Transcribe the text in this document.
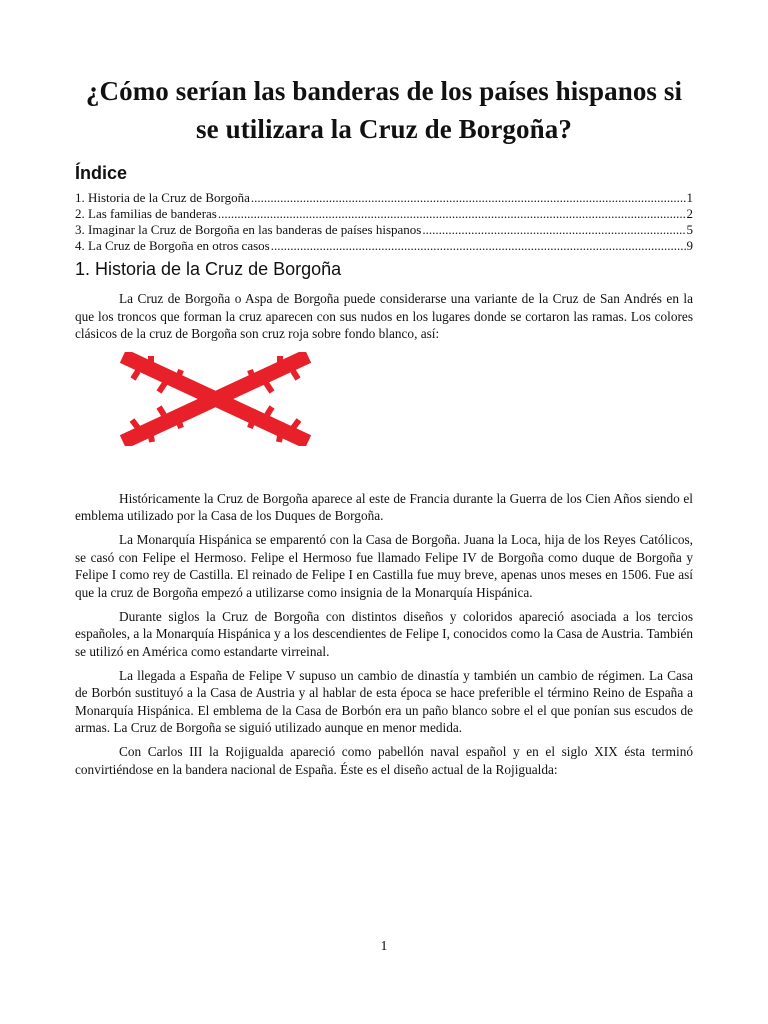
¿Cómo serían las banderas de los países hispanos si se utilizara la Cruz de Borgoña?
Índice
1. Historia de la Cruz de Borgoña .....	1
2. Las familias de banderas .....	2
3. Imaginar la Cruz de Borgoña en las banderas de países hispanos .....	5
4. La Cruz de Borgoña en otros casos .....	9
1. Historia de la Cruz de Borgoña

La Cruz de Borgoña o Aspa de Borgoña puede considerarse una variante de la Cruz de San Andrés en la que los troncos que forman la cruz aparecen con sus nudos en los lugares donde se cortaron las ramas. Los colores clásicos de la cruz de Borgoña son cruz roja sobre fondo blanco, así:

Históricamente la Cruz de Borgoña aparece al este de Francia durante la Guerra de los Cien Años siendo el emblema utilizado por la Casa de los Duques de Borgoña.

La Monarquía Hispánica se emparentó con la Casa de Borgoña. Juana la Loca, hija de los Reyes Católicos, se casó con Felipe el Hermoso. Felipe el Hermoso fue llamado Felipe IV de Borgoña como duque de Borgoña y Felipe I como rey de Castilla. El reinado de Felipe I en Castilla fue muy breve, apenas unos meses en 1506. Fue así que la cruz de Borgoña empezó a utilizarse como insignia de la Monarquía Hispánica.

Durante siglos la Cruz de Borgoña con distintos diseños y coloridos apareció asociada a los tercios españoles, a la Monarquía Hispánica y a los descendientes de Felipe I, conocidos como la Casa de Austria. También se utilizó en América como estandarte virreinal.

La llegada a España de Felipe V supuso un cambio de dinastía y también un cambio de régimen. La Casa de Borbón sustituyó a la Casa de Austria y al hablar de esta época se hace preferible el término Reino de España a Monarquía Hispánica. El emblema de la Casa de Borbón era un paño blanco sobre el el que ponían sus escudos de armas. La Cruz de Borgoña se siguió utilizado aunque en menor medida.

Con Carlos III la Rojigualda apareció como pabellón naval español y en el siglo XIX ésta terminó convirtiéndose en la bandera nacional de España. Éste es el diseño actual de la Rojigualda:

1
